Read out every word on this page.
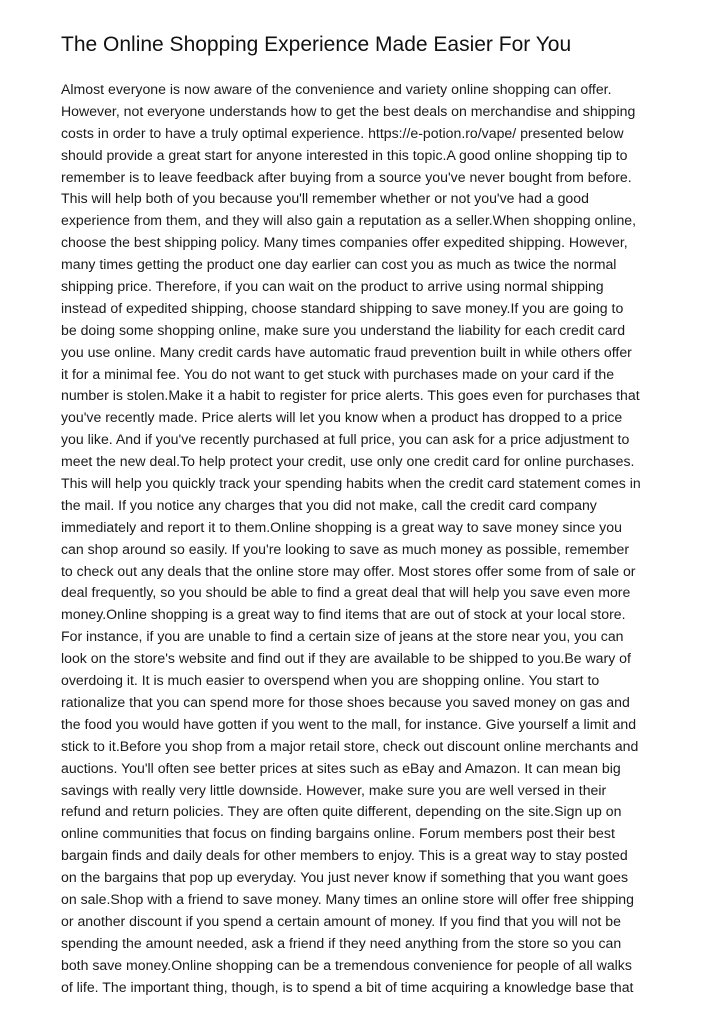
The Online Shopping Experience Made Easier For You
Almost everyone is now aware of the convenience and variety online shopping can offer.
However, not everyone understands how to get the best deals on merchandise and shipping
costs in order to have a truly optimal experience. https://e-potion.ro/vape/ presented below
should provide a great start for anyone interested in this topic.A good online shopping tip to
remember is to leave feedback after buying from a source you've never bought from before.
This will help both of you because you'll remember whether or not you've had a good
experience from them, and they will also gain a reputation as a seller.When shopping online,
choose the best shipping policy. Many times companies offer expedited shipping. However,
many times getting the product one day earlier can cost you as much as twice the normal
shipping price. Therefore, if you can wait on the product to arrive using normal shipping
instead of expedited shipping, choose standard shipping to save money.If you are going to
be doing some shopping online, make sure you understand the liability for each credit card
you use online. Many credit cards have automatic fraud prevention built in while others offer
it for a minimal fee. You do not want to get stuck with purchases made on your card if the
number is stolen.Make it a habit to register for price alerts. This goes even for purchases that
you've recently made. Price alerts will let you know when a product has dropped to a price
you like. And if you've recently purchased at full price, you can ask for a price adjustment to
meet the new deal.To help protect your credit, use only one credit card for online purchases.
This will help you quickly track your spending habits when the credit card statement comes in
the mail. If you notice any charges that you did not make, call the credit card company
immediately and report it to them.Online shopping is a great way to save money since you
can shop around so easily. If you're looking to save as much money as possible, remember
to check out any deals that the online store may offer. Most stores offer some from of sale or
deal frequently, so you should be able to find a great deal that will help you save even more
money.Online shopping is a great way to find items that are out of stock at your local store.
For instance, if you are unable to find a certain size of jeans at the store near you, you can
look on the store's website and find out if they are available to be shipped to you.Be wary of
overdoing it. It is much easier to overspend when you are shopping online. You start to
rationalize that you can spend more for those shoes because you saved money on gas and
the food you would have gotten if you went to the mall, for instance. Give yourself a limit and
stick to it.Before you shop from a major retail store, check out discount online merchants and
auctions. You'll often see better prices at sites such as eBay and Amazon. It can mean big
savings with really very little downside. However, make sure you are well versed in their
refund and return policies. They are often quite different, depending on the site.Sign up on
online communities that focus on finding bargains online. Forum members post their best
bargain finds and daily deals for other members to enjoy. This is a great way to stay posted
on the bargains that pop up everyday. You just never know if something that you want goes
on sale.Shop with a friend to save money. Many times an online store will offer free shipping
or another discount if you spend a certain amount of money. If you find that you will not be
spending the amount needed, ask a friend if they need anything from the store so you can
both save money.Online shopping can be a tremendous convenience for people of all walks
of life. The important thing, though, is to spend a bit of time acquiring a knowledge base that
